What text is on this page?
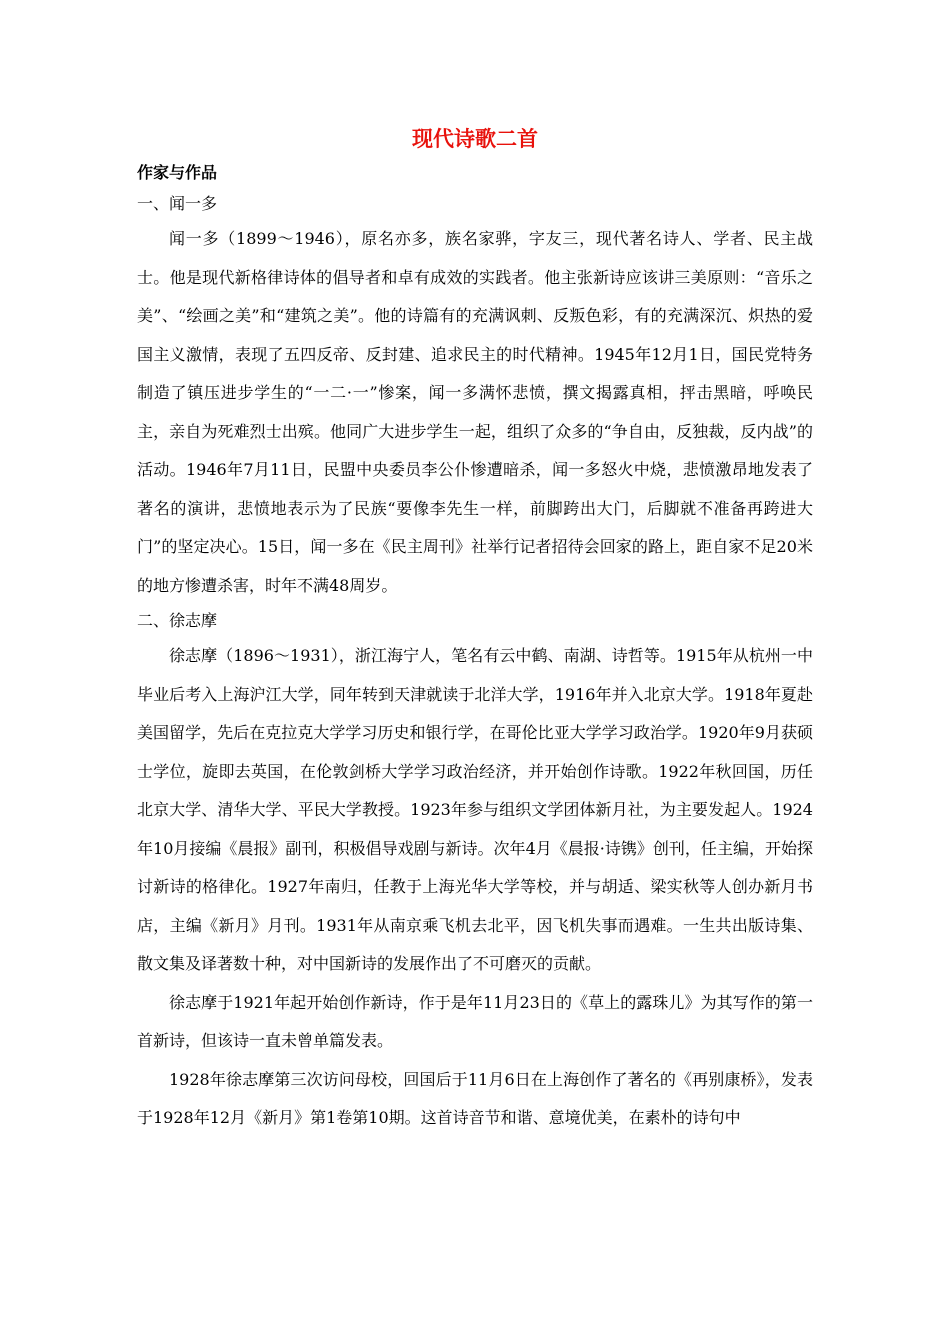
现代诗歌二首
作家与作品
一、闻一多

闻一多（1899～1946），原名亦多，族名家骅，字友三，现代著名诗人、学者、民主战士。他是现代新格律诗体的倡导者和卓有成效的实践者。他主张新诗应该讲三美原则：“音乐之美”、“绘画之美”和“建筑之美”。他的诗篇有的充满讽刺、反叛色彩，有的充满深沉、炽热的爱国主义激情，表现了五四反帝、反封建、追求民主的时代精神。1945年12月1日，国民党特务制造了镇压进步学生的“一二·一”惨案，闻一多满怀悲愤，撰文揭露真相，抨击黑暗，呼唤民主，亲自为死难烈士出殡。他同广大进步学生一起，组织了众多的“争自由，反独裁，反内战”的活动。1946年7月11日，民盟中央委员李公仆惨遭暗杀，闻一多怒火中烧，悲愤激昂地发表了著名的演讲，悲愤地表示为了民族“要像李先生一样，前脚跨出大门，后脚就不准备再跨进大门”的坚定决心。15日，闻一多在《民主周刊》社举行记者招待会回家的路上，距自家不足20米的地方惨遭杀害，时年不满48周岁。

二、徐志摩

徐志摩（1896～1931），浙江海宁人，笔名有云中鹤、南湖、诗哲等。1915年从杭州一中毕业后考入上海沪江大学，同年转到天津就读于北洋大学，1916年并入北京大学。1918年夏赴美国留学，先后在克拉克大学学习历史和银行学，在哥伦比亚大学学习政治学。1920年9月获硕士学位，旋即去英国，在伦敦剑桥大学学习政治经济，并开始创作诗歌。1922年秋回国，历任北京大学、清华大学、平民大学教授。1923年参与组织文学团体新月社，为主要发起人。1924年10月接编《晨报》副刊，积极倡导戏剧与新诗。次年4月《晨报·诗镌》创刊，任主编，开始探讨新诗的格律化。1927年南归，任教于上海光华大学等校，并与胡适、梁实秋等人创办新月书店，主编《新月》月刊。1931年从南京乘飞机去北平，因飞机失事而遇难。一生共出版诗集、散文集及译著数十种，对中国新诗的发展作出了不可磨灭的贡献。

徐志摩于1921年起开始创作新诗，作于是年11月23日的《草上的露珠儿》为其写作的第一首新诗，但该诗一直未曾单篇发表。

1928年徐志摩第三次访问母校，回国后于11月6日在上海创作了著名的《再别康桥》，发表于1928年12月《新月》第1卷第10期。这首诗音节和谐、意境优美，在素朴的诗句中
